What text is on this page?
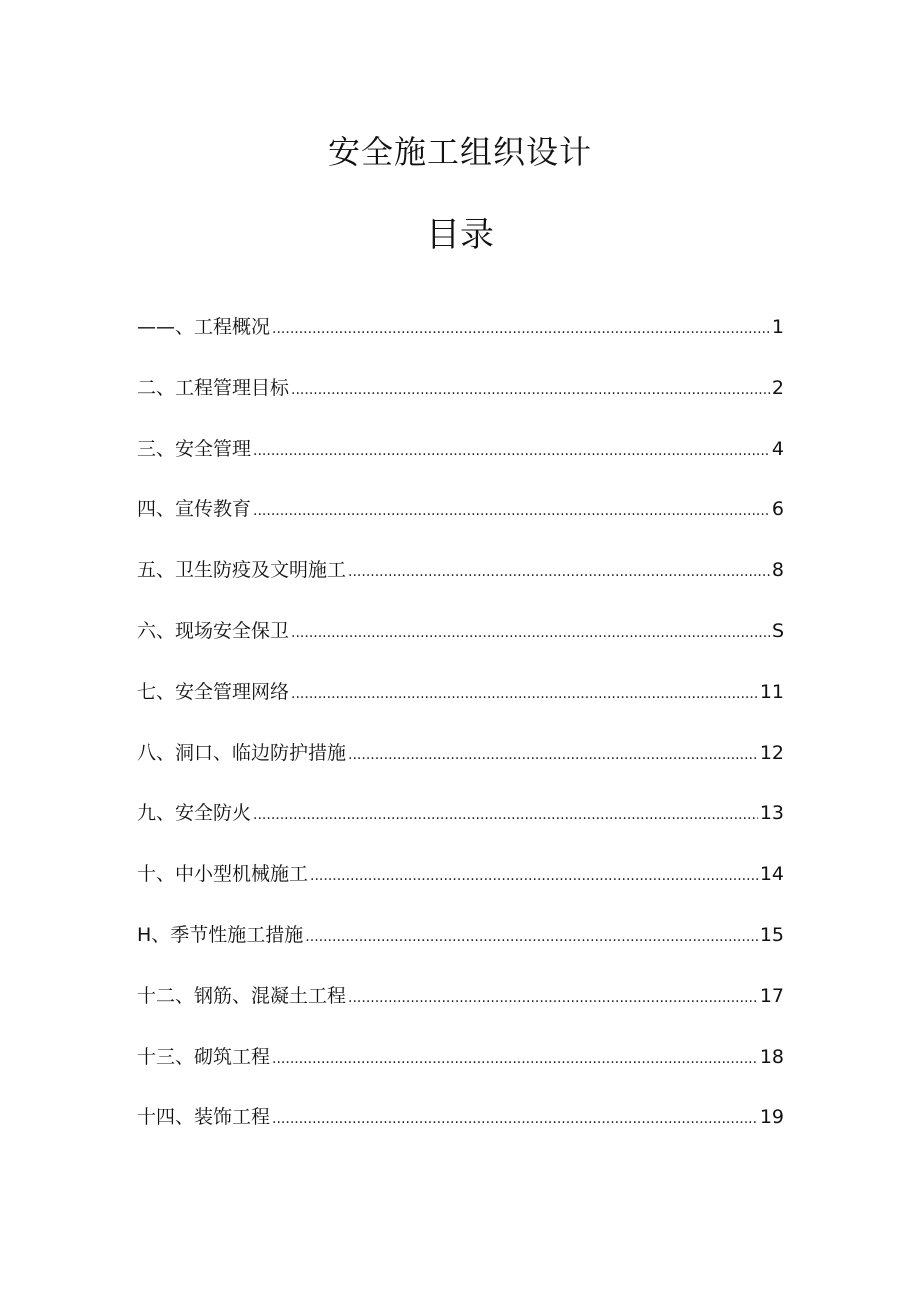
安全施工组织设计
目录
——、工程概况 .....	1
二、工程管理目标 .....	2
三、安全管理 .....	4
四、宣传教育 .....	6
五、卫生防疫及文明施工 .....	8
六、现场安全保卫 .....	S
七、安全管理网络 .....	11
八、洞口、临边防护措施 .....	12
九、安全防火 .....	13
十、中小型机械施工 .....	14
H、季节性施工措施 .....	15
十二、钢筋、混凝土工程 .....	17
十三、砌筑工程 .....	18
十四、装饰工程 .....	19
